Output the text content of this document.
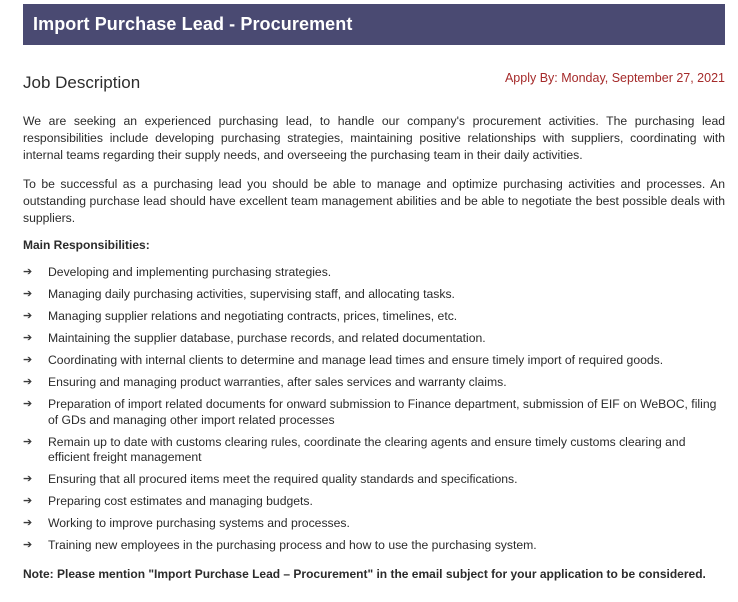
Import Purchase Lead - Procurement
Job Description	Apply By: Monday, September 27, 2021

We are seeking an experienced purchasing lead, to handle our company's procurement activities. The purchasing lead responsibilities include developing purchasing strategies, maintaining positive relationships with suppliers, coordinating with internal teams regarding their supply needs, and overseeing the purchasing team in their daily activities.

To be successful as a purchasing lead you should be able to manage and optimize purchasing activities and processes. An outstanding purchase lead should have excellent team management abilities and be able to negotiate the best possible deals with suppliers.

Main Responsibilities:
➔ Developing and implementing purchasing strategies.
➔ Managing daily purchasing activities, supervising staff, and allocating tasks.
➔ Managing supplier relations and negotiating contracts, prices, timelines, etc.
➔ Maintaining the supplier database, purchase records, and related documentation.
➔ Coordinating with internal clients to determine and manage lead times and ensure timely import of required goods.
➔ Ensuring and managing product warranties, after sales services and warranty claims.
➔ Preparation of import related documents for onward submission to Finance department, submission of EIF on WeBOC, filing of GDs and managing other import related processes
➔ Remain up to date with customs clearing rules, coordinate the clearing agents and ensure timely customs clearing and efficient freight management
➔ Ensuring that all procured items meet the required quality standards and specifications.
➔ Preparing cost estimates and managing budgets.
➔ Working to improve purchasing systems and processes.
➔ Training new employees in the purchasing process and how to use the purchasing system.
Note: Please mention "Import Purchase Lead – Procurement" in the email subject for your application to be considered.
